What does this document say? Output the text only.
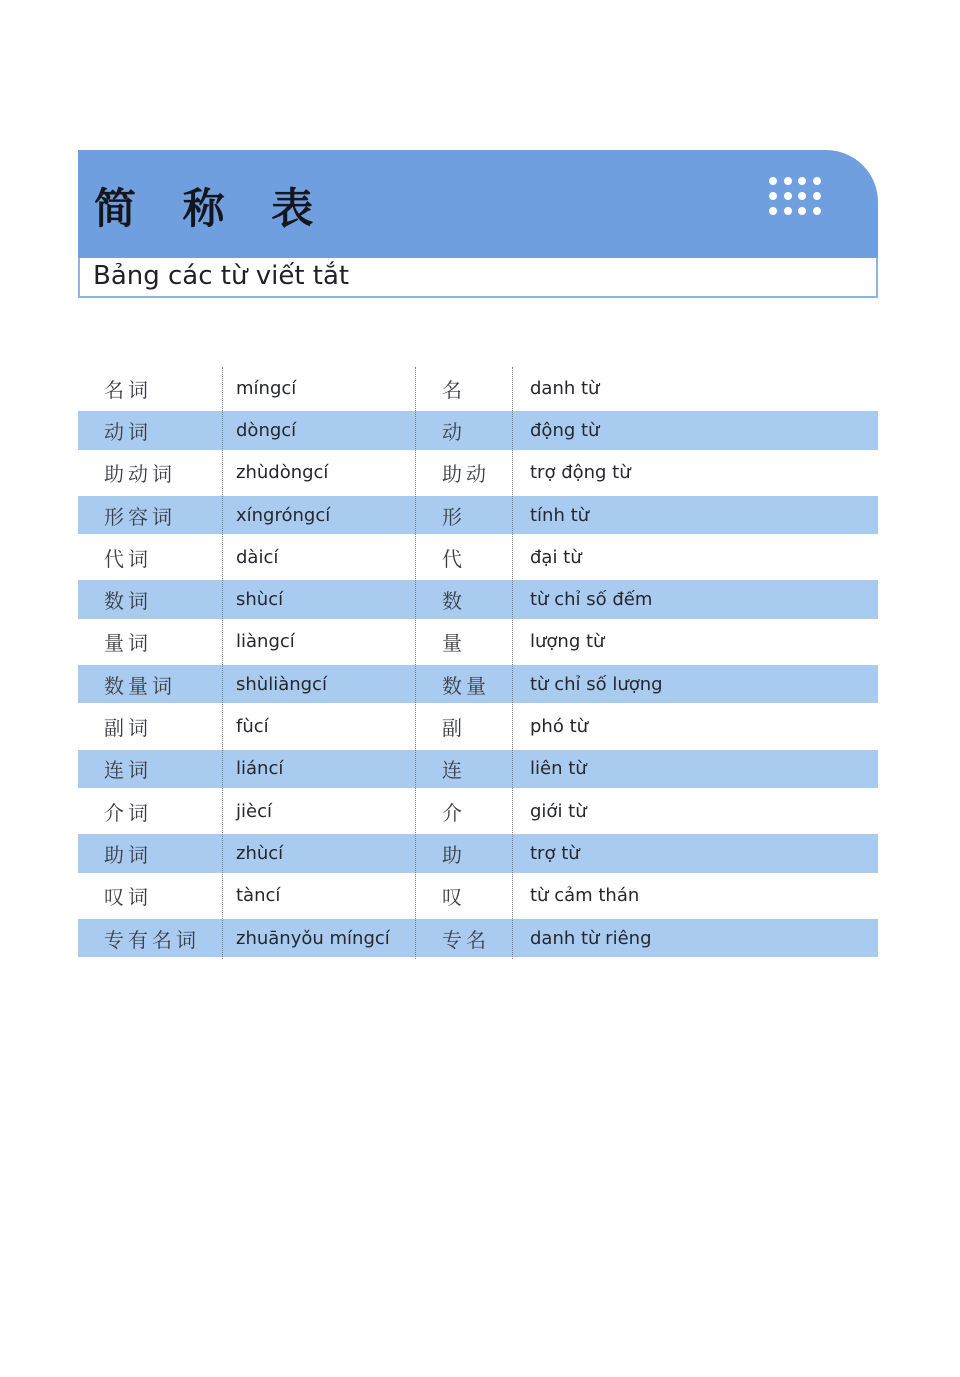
简 称 表
Bảng các từ viết tắt
名词	míngcí	名	danh từ
动词	dòngcí	动	động từ
助动词	zhùdòngcí	助动 trợ động từ
形容词	xíngróngcí	形	tính từ
代词	dàicí	代	đại từ
数词	shùcí	数	từ chỉ số đếm
量词	liàngcí	量	lượng từ
数量词	shùliàngcí	数量 từ chỉ số lượng
副词	fùcí	副	phó từ
连词	liáncí	连	liên từ
介词	jiècí	介	giới từ
助词	zhùcí	助	trợ từ
叹词	tàncí	叹	từ cảm thán
专有名词 zhuānyǒu míngcí	专名 danh từ riêng
